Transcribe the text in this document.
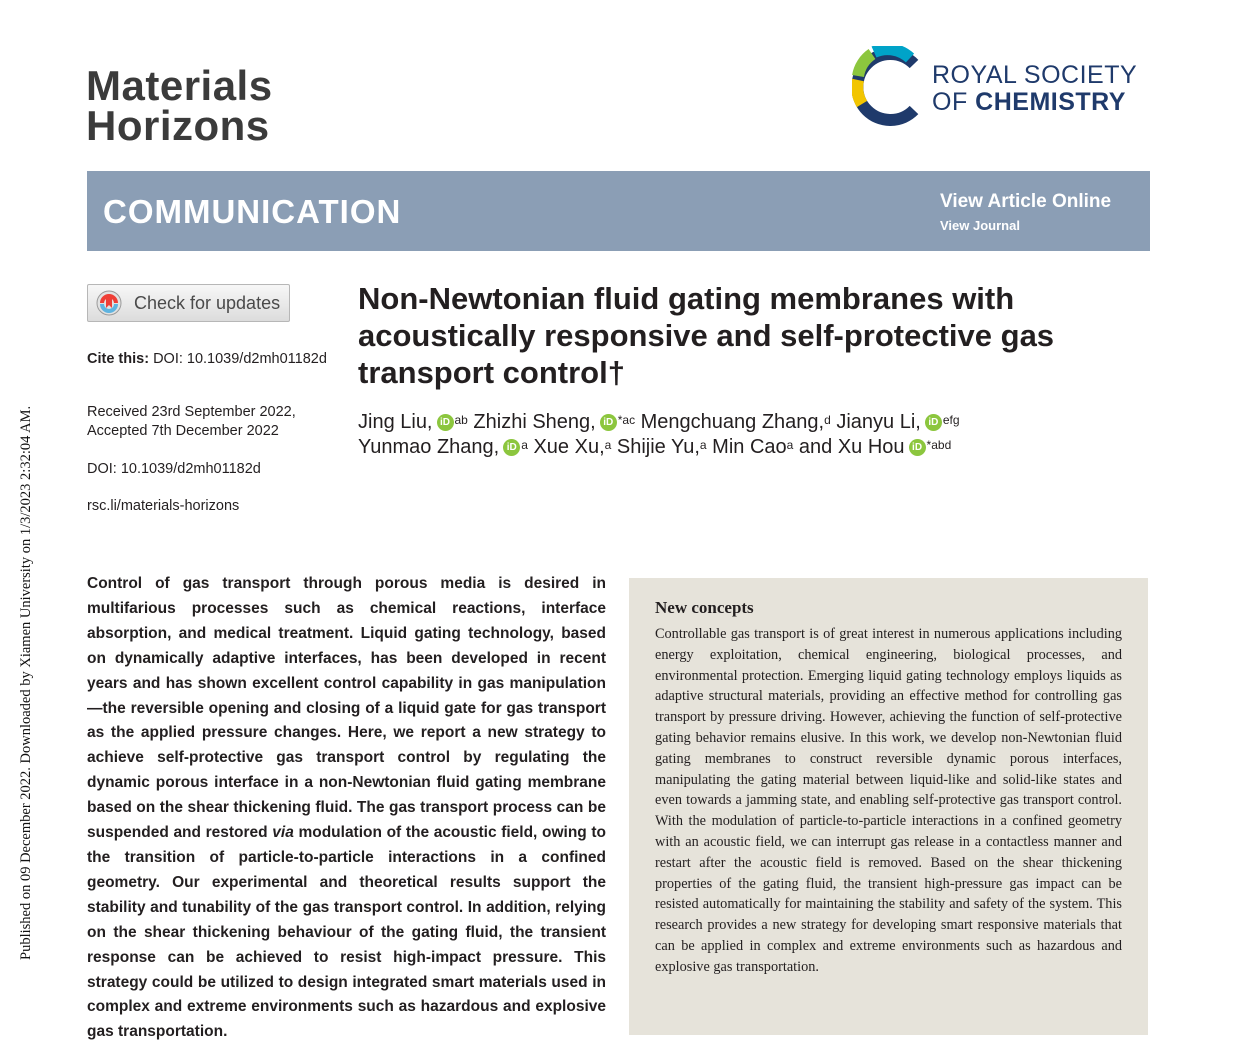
Published on 09 December 2022. Downloaded by Xiamen University on 1/3/2023 2:32:04 AM.
Materials
Horizons
ROYAL SOCIETY
OF CHEMISTRY
COMMUNICATION	View Article Online
View Journal
Check for updates
Cite this: DOI: 10.1039/d2mh01182d
Received 23rd September 2022,
Accepted 7th December 2022
DOI: 10.1039/d2mh01182d
rsc.li/materials-horizons
Non-Newtonian fluid gating membranes with acoustically responsive and self-protective gas transport control†
Jing Liu, iD $^{ab}$ Zhizhi Sheng, iD $^{*ac}$ Mengchuang Zhang,$^d$ Jianyu Li, iD $^{efg}$
Yunmao Zhang, iD $^a$ Xue Xu,$^a$ Shijie Yu,$^a$ Min Cao$^a$ and Xu Hou iD $^{*abd}$
Control of gas transport through porous media is desired in multifarious processes such as chemical reactions, interface absorption, and medical treatment. Liquid gating technology, based on dynamically adaptive interfaces, has been developed in recent years and has shown excellent control capability in gas manipulation—the reversible opening and closing of a liquid gate for gas transport as the applied pressure changes. Here, we report a new strategy to achieve self-protective gas transport control by regulating the dynamic porous interface in a non-Newtonian fluid gating membrane based on the shear thickening fluid. The gas transport process can be suspended and restored via modulation of the acoustic field, owing to the transition of particle-to-particle interactions in a confined geometry. Our experimental and theoretical results support the stability and tunability of the gas transport control. In addition, relying on the shear thickening behaviour of the gating fluid, the transient response can be achieved to resist high-impact pressure. This strategy could be utilized to design integrated smart materials used in complex and extreme environments such as hazardous and explosive gas transportation.
New concepts
Controllable gas transport is of great interest in numerous applications including energy exploitation, chemical engineering, biological processes, and environmental protection. Emerging liquid gating technology employs liquids as adaptive structural materials, providing an effective method for controlling gas transport by pressure driving. However, achieving the function of self-protective gating behavior remains elusive. In this work, we develop non-Newtonian fluid gating membranes to construct reversible dynamic porous interfaces, manipulating the gating material between liquid-like and solid-like states and even towards a jamming state, and enabling self-protective gas transport control. With the modulation of particle-to-particle interactions in a confined geometry with an acoustic field, we can interrupt gas release in a contactless manner and restart after the acoustic field is removed. Based on the shear thickening properties of the gating fluid, the transient high-pressure gas impact can be resisted automatically for maintaining the stability and safety of the system. This research provides a new strategy for developing smart responsive materials that can be applied in complex and extreme environments such as hazardous and explosive gas transportation.
